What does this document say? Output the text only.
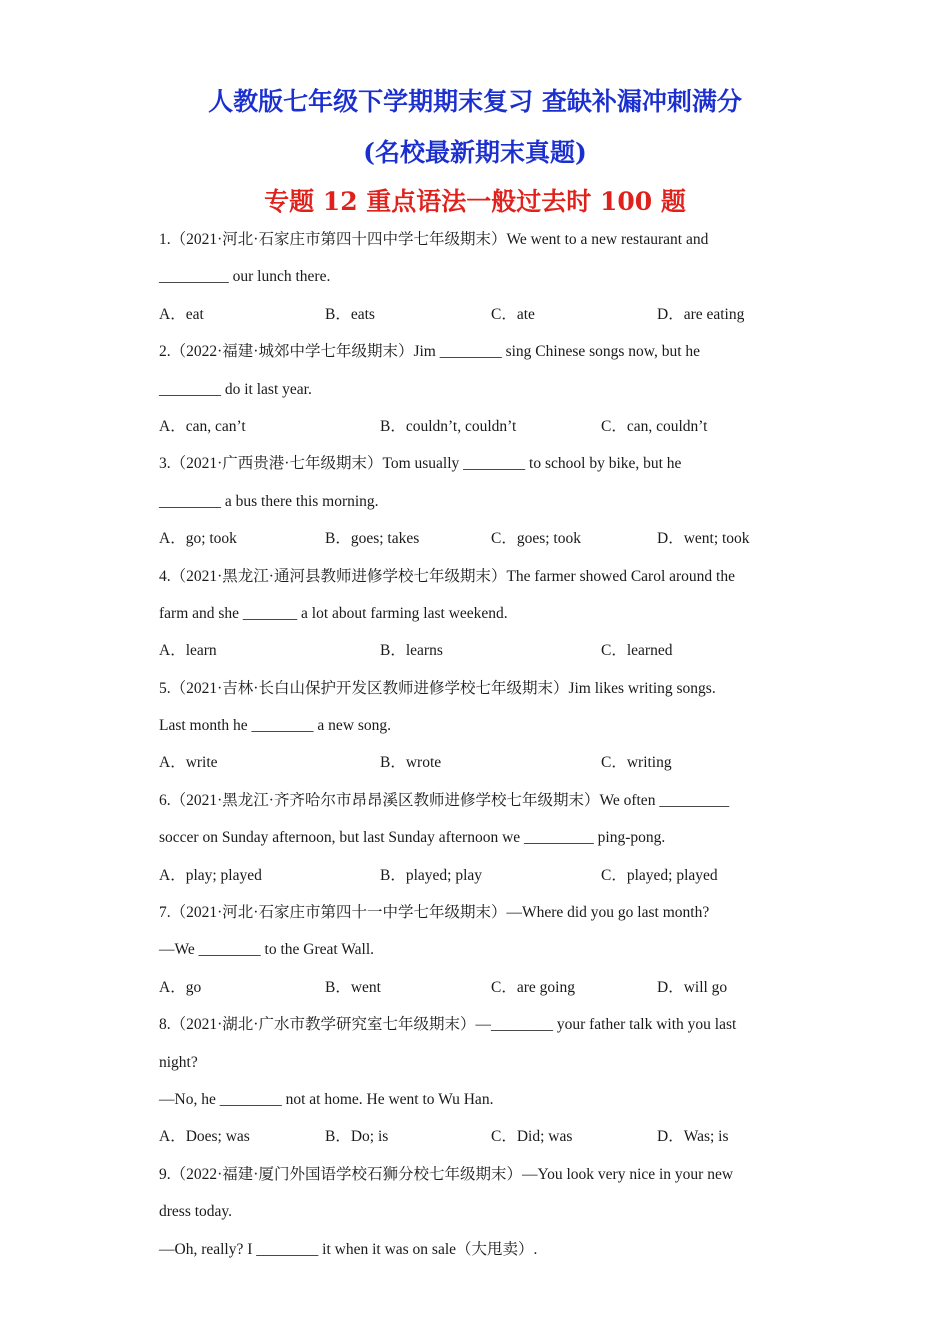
人教版七年级下学期期末复习 查缺补漏冲刺满分
(名校最新期末真题)
专题 12 重点语法一般过去时 100 题
1.（2021·河北·石家庄市第四十四中学七年级期末）We went to a new restaurant and
_________ our lunch there.
A．eat	B．eats	C．ate	D．are eating
2.（2022·福建·城郊中学七年级期末）Jim ________ sing Chinese songs now, but he
________ do it last year.
A．can, can’t	B．couldn’t, couldn’t	C．can, couldn’t
3.（2021·广西贵港·七年级期末）Tom usually ________ to school by bike, but he
________ a bus there this morning.
A．go; took	B．goes; takes	C．goes; took	D．went; took
4.（2021·黑龙江·通河县教师进修学校七年级期末）The farmer showed Carol around the
farm and she _______ a lot about farming last weekend.
A．learn	B．learns	C．learned
5.（2021·吉林·长白山保护开发区教师进修学校七年级期末）Jim likes writing songs.
Last month he ________ a new song.
A．write	B．wrote	C．writing
6.（2021·黑龙江·齐齐哈尔市昂昂溪区教师进修学校七年级期末）We often _________
soccer on Sunday afternoon, but last Sunday afternoon we _________ ping-pong.
A．play; played	B．played; play	C．played; played
7.（2021·河北·石家庄市第四十一中学七年级期末）—Where did you go last month?
—We ________ to the Great Wall.
A．go	B．went	C．are going	D．will go
8.（2021·湖北·广水市教学研究室七年级期末）—________ your father talk with you last
night?
—No, he ________ not at home. He went to Wu Han.
A．Does; was	B．Do; is	C．Did; was	D．Was; is
9.（2022·福建·厦门外国语学校石狮分校七年级期末）—You look very nice in your new
dress today.
—Oh, really? I ________ it when it was on sale（大甩卖）.
